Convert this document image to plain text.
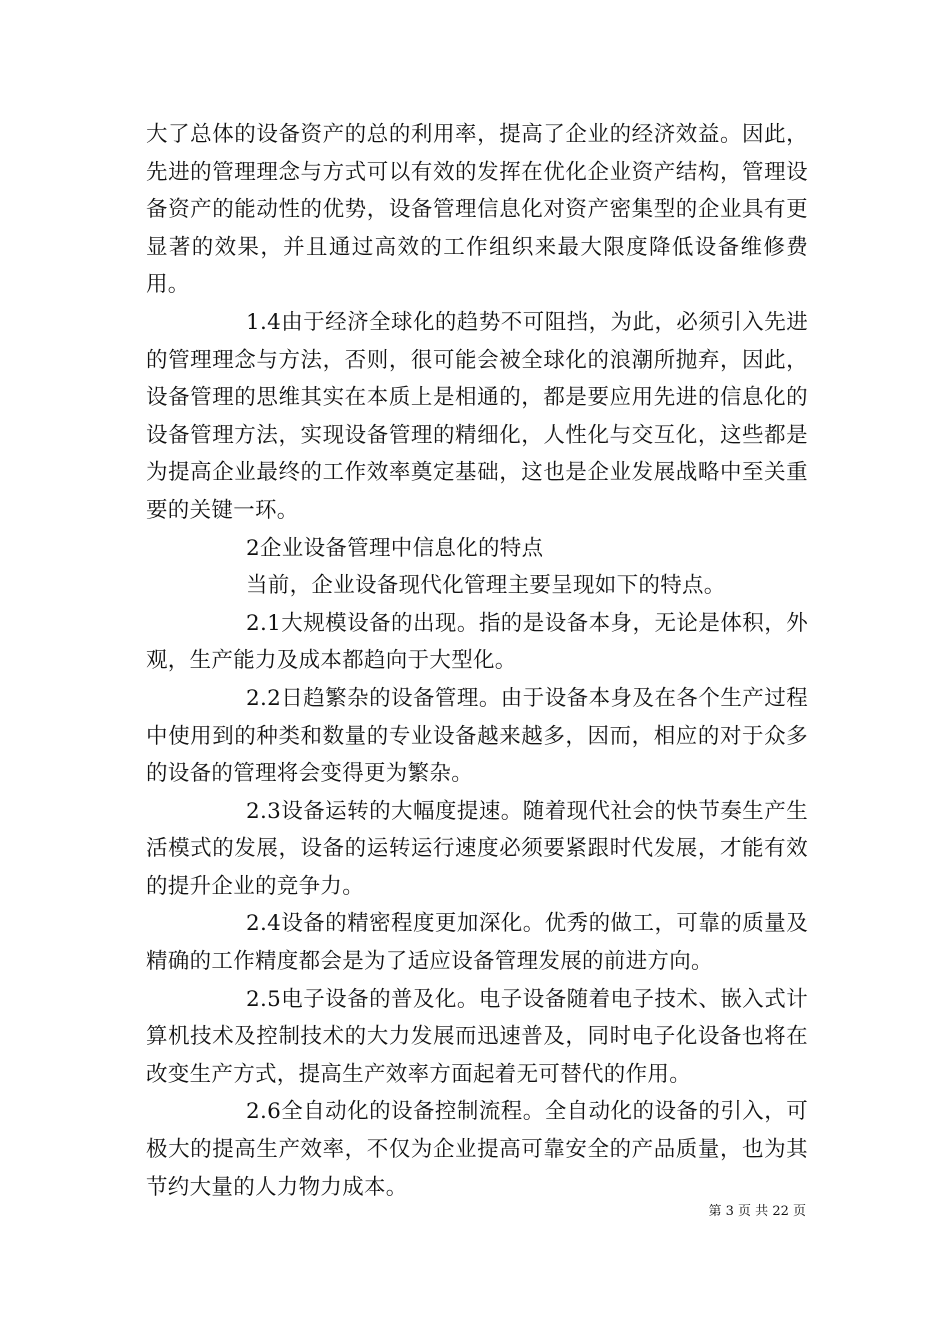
大了总体的设备资产的总的利用率，提高了企业的经济效益。因此，先进的管理理念与方式可以有效的发挥在优化企业资产结构，管理设备资产的能动性的优势，设备管理信息化对资产密集型的企业具有更显著的效果，并且通过高效的工作组织来最大限度降低设备维修费用。

1.4由于经济全球化的趋势不可阻挡，为此，必须引入先进的管理理念与方法，否则，很可能会被全球化的浪潮所抛弃，因此，设备管理的思维其实在本质上是相通的，都是要应用先进的信息化的设备管理方法，实现设备管理的精细化，人性化与交互化，这些都是为提高企业最终的工作效率奠定基础，这也是企业发展战略中至关重要的关键一环。

2企业设备管理中信息化的特点

当前，企业设备现代化管理主要呈现如下的特点。

2.1大规模设备的出现。指的是设备本身，无论是体积，外观，生产能力及成本都趋向于大型化。

2.2日趋繁杂的设备管理。由于设备本身及在各个生产过程中使用到的种类和数量的专业设备越来越多，因而，相应的对于众多的设备的管理将会变得更为繁杂。

2.3设备运转的大幅度提速。随着现代社会的快节奏生产生活模式的发展，设备的运转运行速度必须要紧跟时代发展，才能有效的提升企业的竞争力。

2.4设备的精密程度更加深化。优秀的做工，可靠的质量及精确的工作精度都会是为了适应设备管理发展的前进方向。

2.5电子设备的普及化。电子设备随着电子技术、嵌入式计算机技术及控制技术的大力发展而迅速普及，同时电子化设备也将在改变生产方式，提高生产效率方面起着无可替代的作用。

2.6全自动化的设备控制流程。全自动化的设备的引入，可极大的提高生产效率，不仅为企业提高可靠安全的产品质量，也为其节约大量的人力物力成本。

第 3 页 共 22 页
